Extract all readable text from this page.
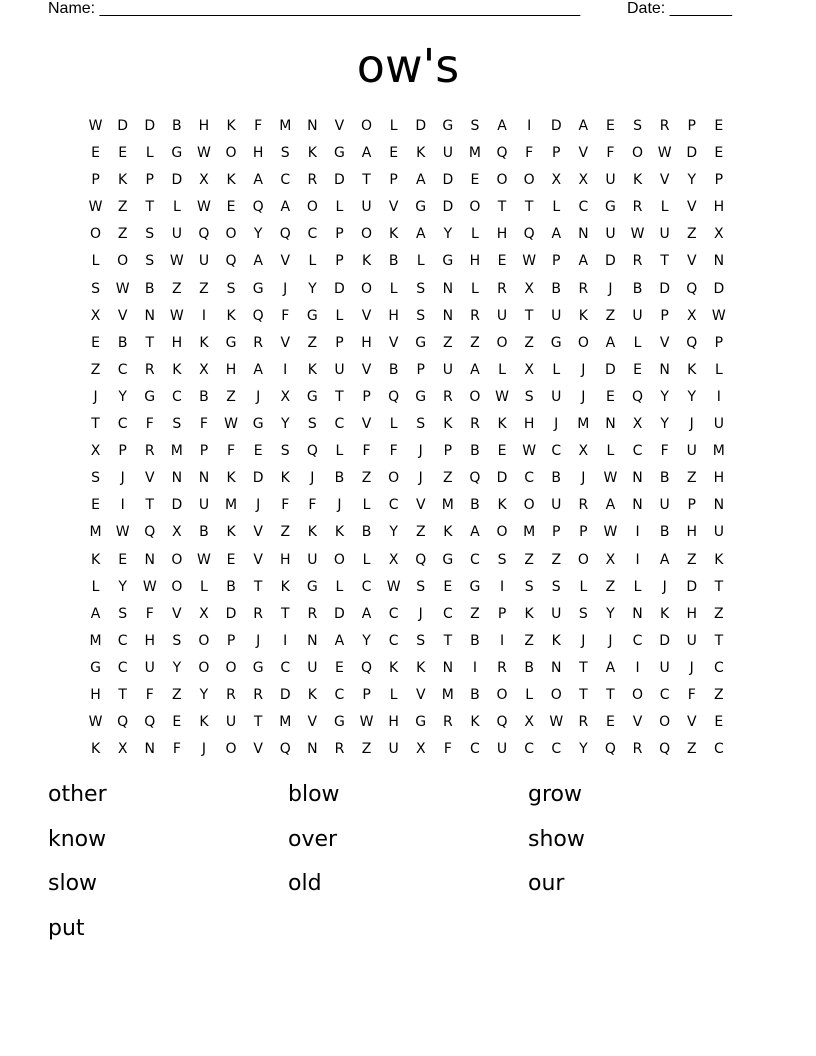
Name: ______________________________________________________	Date: _______
ow's
W	D	D	B	H	K	F	M	N	V	O	L	D	G	S	A	I	D	A	E	S	R	P	E
E	E	L	G	W	O	H	S	K	G	A	E	K	U	M	Q	F	P	V	F	O	W	D	E
P	K	P	D	X	K	A	C	R	D	T	P	A	D	E	O	O	X	X	U	K	V	Y	P
W	Z	T	L	W	E	Q	A	O	L	U	V	G	D	O	T	T	L	C	G	R	L	V	H
O	Z	S	U	Q	O	Y	Q	C	P	O	K	A	Y	L	H	Q	A	N	U	W	U	Z	X
L	O	S	W	U	Q	A	V	L	P	K	B	L	G	H	E	W	P	A	D	R	T	V	N
S	W	B	Z	Z	S	G	J	Y	D	O	L	S	N	L	R	X	B	R	J	B	D	Q	D
X	V	N	W	I	K	Q	F	G	L	V	H	S	N	R	U	T	U	K	Z	U	P	X	W
E	B	T	H	K	G	R	V	Z	P	H	V	G	Z	Z	O	Z	G	O	A	L	V	Q	P
Z	C	R	K	X	H	A	I	K	U	V	B	P	U	A	L	X	L	J	D	E	N	K	L
J	Y	G	C	B	Z	J	X	G	T	P	Q	G	R	O	W	S	U	J	E	Q	Y	Y	I
T	C	F	S	F	W	G	Y	S	C	V	L	S	K	R	K	H	J	M	N	X	Y	J	U
X	P	R	M	P	F	E	S	Q	L	F	F	J	P	B	E	W	C	X	L	C	F	U	M
S	J	V	N	N	K	D	K	J	B	Z	O	J	Z	Q	D	C	B	J	W	N	B	Z	H
E	I	T	D	U	M	J	F	F	J	L	C	V	M	B	K	O	U	R	A	N	U	P	N
M	W	Q	X	B	K	V	Z	K	K	B	Y	Z	K	A	O	M	P	P	W	I	B	H	U
K	E	N	O	W	E	V	H	U	O	L	X	Q	G	C	S	Z	Z	O	X	I	A	Z	K
L	Y	W	O	L	B	T	K	G	L	C	W	S	E	G	I	S	S	L	Z	L	J	D	T
A	S	F	V	X	D	R	T	R	D	A	C	J	C	Z	P	K	U	S	Y	N	K	H	Z
M	C	H	S	O	P	J	I	N	A	Y	C	S	T	B	I	Z	K	J	J	C	D	U	T
G	C	U	Y	O	O	G	C	U	E	Q	K	K	N	I	R	B	N	T	A	I	U	J	C
H	T	F	Z	Y	R	R	D	K	C	P	L	V	M	B	O	L	O	T	T	O	C	F	Z
W	Q	Q	E	K	U	T	M	V	G	W	H	G	R	K	Q	X	W	R	E	V	O	V	E
K	X	N	F	J	O	V	Q	N	R	Z	U	X	F	C	U	C	C	Y	Q	R	Q	Z	C
other	blow	grow
know	over	show
slow	old	our
put
